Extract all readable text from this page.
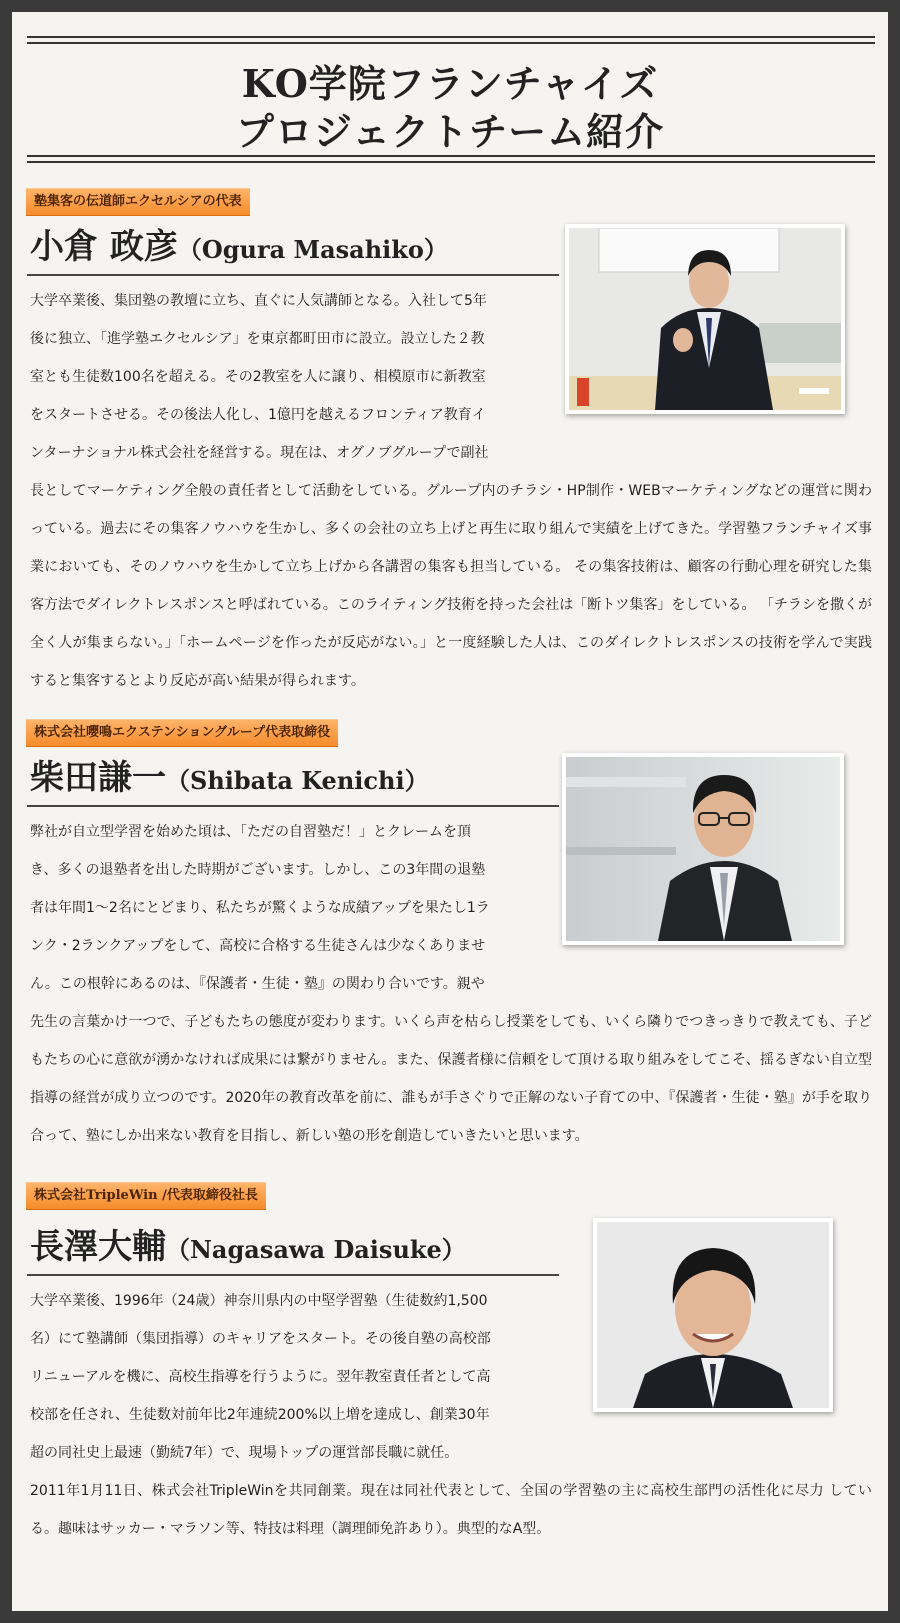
KO学院フランチャイズ
プロジェクトチーム紹介
塾集客の伝道師エクセルシアの代表
小倉 政彦（Ogura Masahiko）
大学卒業後、集団塾の教壇に立ち、直ぐに人気講師となる。入社して5年
後に独立、「進学塾エクセルシア」を東京都町田市に設立。設立した２教
室とも生徒数100名を超える。その2教室を人に譲り、相模原市に新教室
をスタートさせる。その後法人化し、1億円を越えるフロンティア教育イ
ンターナショナル株式会社を経営する。現在は、オグノブグループで副社
長としてマーケティング全般の責任者として活動をしている。グループ内のチラシ・HP制作・WEBマーケティングなどの運営に関わっている。過去にその集客ノウハウを生かし、多くの会社の立ち上げと再生に取り組んで実績を上げてきた。学習塾フランチャイズ事業においても、そのノウハウを生かして立ち上げから各講習の集客も担当している。 その集客技術は、顧客の行動心理を研究した集客方法でダイレクトレスポンスと呼ばれている。このライティング技術を持った会社は「断トツ集客」をしている。 「チラシを撒くが全く人が集まらない。」「ホームページを作ったが反応がない。」と一度経験した人は、このダイレクトレスポンスの技術を学んで実践すると集客するとより反応が高い結果が得られます。
株式会社嚶鳴エクステンショングループ代表取締役
柴田謙一（Shibata Kenichi）
弊社が自立型学習を始めた頃は、「ただの自習塾だ！」とクレームを頂
き、多くの退塾者を出した時期がございます。しかし、この3年間の退塾
者は年間1〜2名にとどまり、私たちが驚くような成績アップを果たし1ラ
ンク・2ランクアップをして、高校に合格する生徒さんは少なくありませ
ん。この根幹にあるのは、『保護者・生徒・塾』の関わり合いです。親や
先生の言葉かけ一つで、子どもたちの態度が変わります。いくら声を枯らし授業をしても、いくら隣りでつきっきりで教えても、子どもたちの心に意欲が湧かなければ成果には繋がりません。また、保護者様に信頼をして頂ける取り組みをしてこそ、揺るぎない自立型指導の経営が成り立つのです。2020年の教育改革を前に、誰もが手さぐりで正解のない子育ての中、『保護者・生徒・塾』が手を取り合って、塾にしか出来ない教育を目指し、新しい塾の形を創造していきたいと思います。
株式会社TripleWin /代表取締役社長
長澤大輔（Nagasawa Daisuke）
大学卒業後、1996年（24歳）神奈川県内の中堅学習塾（生徒数約1,500
名）にて塾講師（集団指導）のキャリアをスタート。その後自塾の高校部
リニューアルを機に、高校生指導を行うように。翌年教室責任者として高
校部を任され、生徒数対前年比2年連続200%以上増を達成し、創業30年
超の同社史上最速（勤続7年）で、現場トップの運営部長職に就任。
2011年1月11日、株式会社TripleWinを共同創業。現在は同社代表として、全国の学習塾の主に高校生部門の活性化に尽力 している。趣味はサッカー・マラソン等、特技は料理（調理師免許あり）。典型的なA型。
